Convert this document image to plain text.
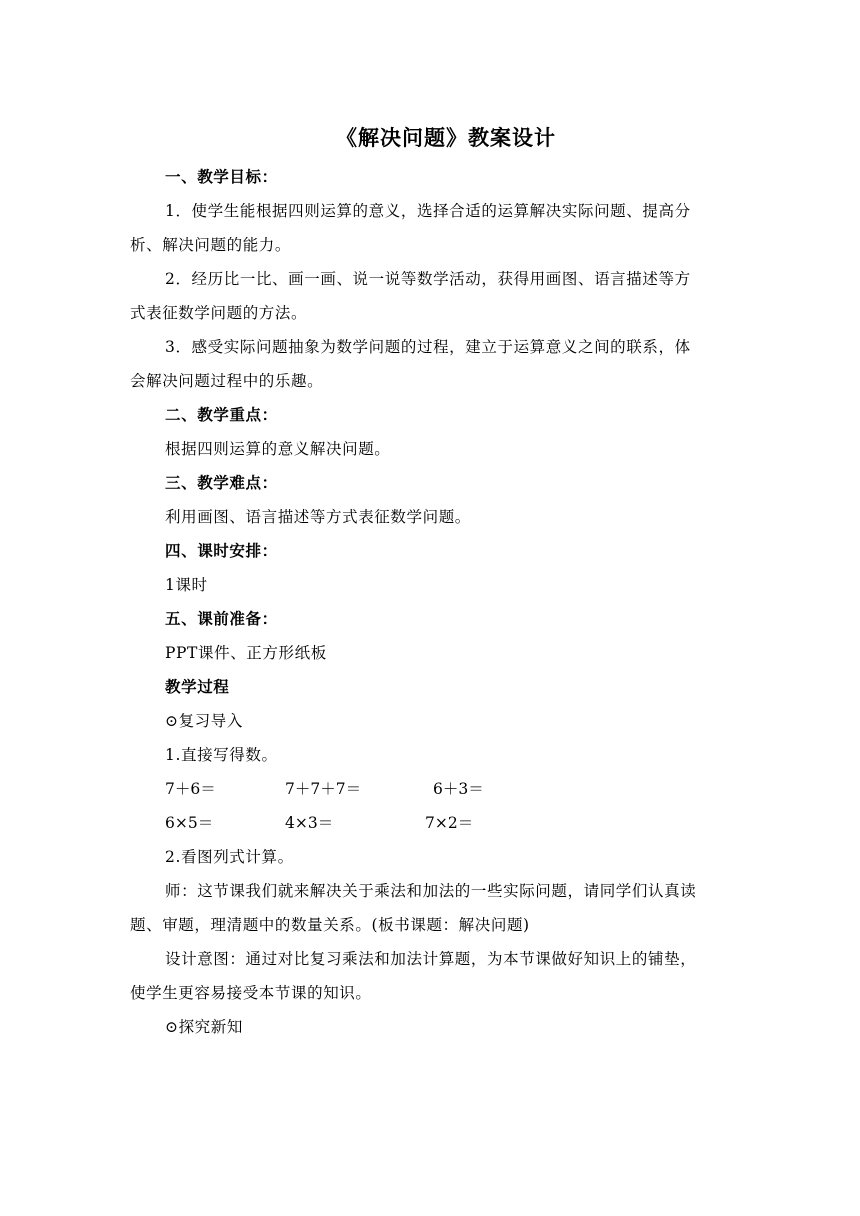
《解决问题》教案设计
一、教学目标：
1．使学生能根据四则运算的意义，选择合适的运算解决实际问题、提高分
析、解决问题的能力。
2．经历比一比、画一画、说一说等数学活动，获得用画图、语言描述等方
式表征数学问题的方法。
3．感受实际问题抽象为数学问题的过程，建立于运算意义之间的联系，体
会解决问题过程中的乐趣。
二、教学重点：
根据四则运算的意义解决问题。
三、教学难点：
利用画图、语言描述等方式表征数学问题。
四、课时安排：
1课时
五、课前准备：
PPT课件、正方形纸板
教学过程
⊙复习导入
1.直接写得数。
7＋6＝	7＋7＋7＝	6＋3＝
6×5＝	4×3＝	7×2＝
2.看图列式计算。
师：这节课我们就来解决关于乘法和加法的一些实际问题，请同学们认真读
题、审题，理清题中的数量关系。(板书课题：解决问题)
设计意图：通过对比复习乘法和加法计算题，为本节课做好知识上的铺垫，
使学生更容易接受本节课的知识。
⊙探究新知
